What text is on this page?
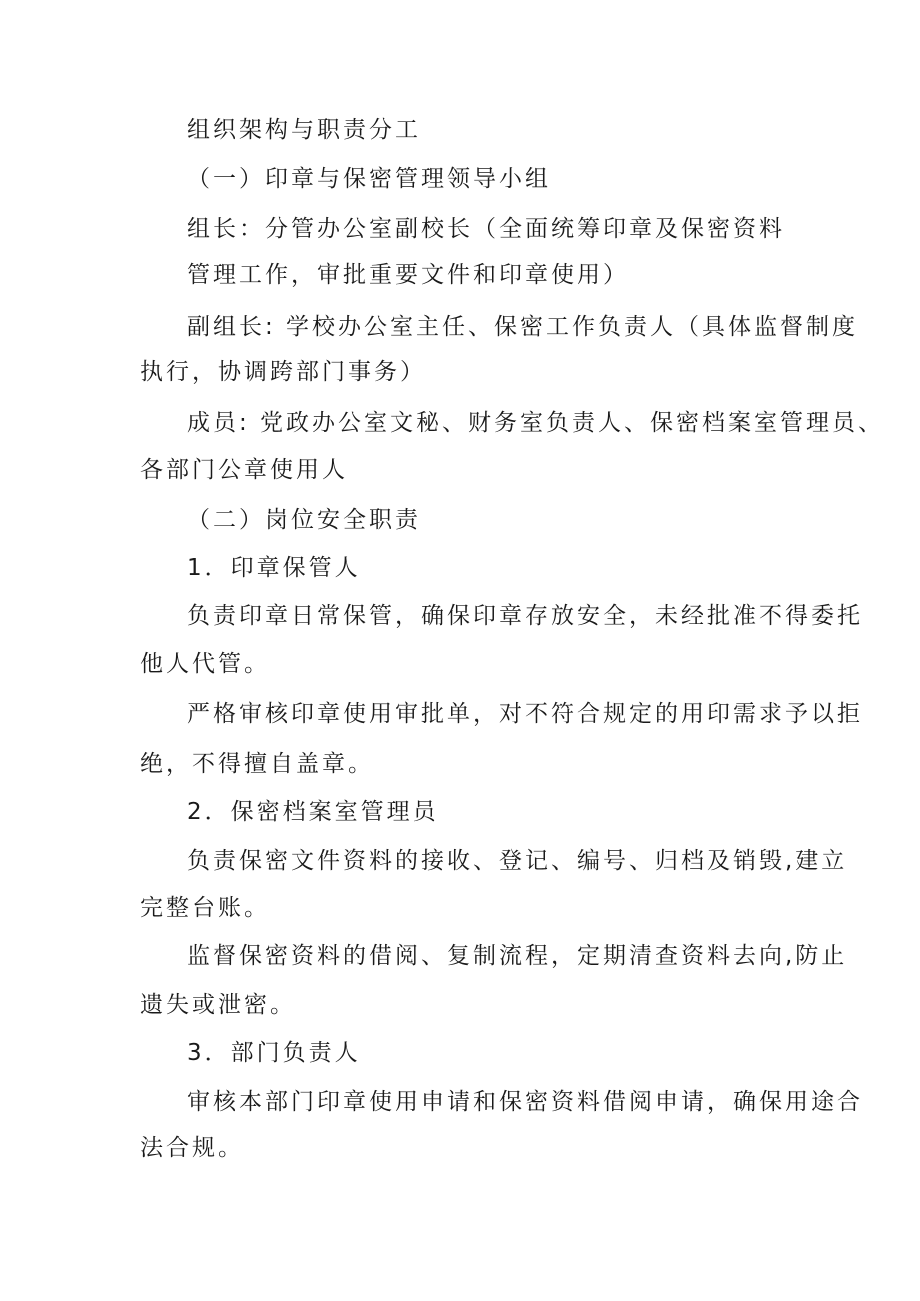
组织架构与职责分工

（一）印章与保密管理领导小组

组长：分管办公室副校长（全面统筹印章及保密资料

管理工作，审批重要文件和印章使用）

副组长: 学校办公室主任、保密工作负责人（具体监督制度

执行，协调跨部门事务）

成员: 党政办公室文秘、财务室负责人、保密档案室管理员、

各部门公章使用人

（二）岗位安全职责

1．印章保管人

负责印章日常保管，确保印章存放安全，未经批准不得委托

他人代管。

严格审核印章使用审批单，对不符合规定的用印需求予以拒

绝，不得擅自盖章。

2．保密档案室管理员

负责保密文件资料的接收、登记、编号、归档及销毁,建立

完整台账。

监督保密资料的借阅、复制流程，定期清查资料去向,防止

遗失或泄密。

3．部门负责人

审核本部门印章使用申请和保密资料借阅申请，确保用途合

法合规。
